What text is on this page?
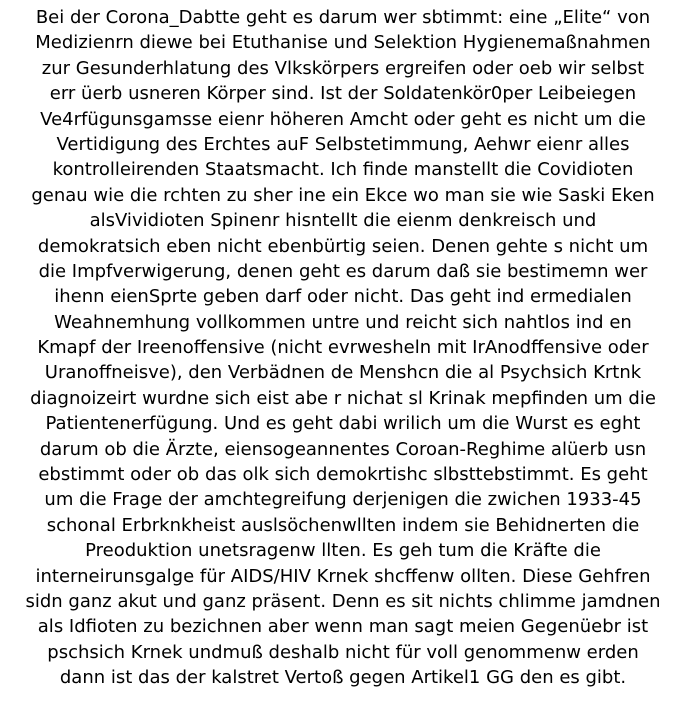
Bei der Corona_Dabtte geht es darum wer sbtimmt: eine „Elite“ von
Medizienrn diewe bei Etuthanise und Selektion Hygienemaßnahmen
zur Gesunderhlatung des Vlkskörpers ergreifen oder oeb wir selbst
err üerb usneren Körper sind. Ist der Soldatenkör0per Leibeiegen
Ve4rfügunsgamsse eienr höheren Amcht oder geht es nicht um die
Vertidigung des Erchtes auF Selbstetimmung, Aehwr eienr alles
kontrolleirenden Staatsmacht. Ich finde manstellt die Covidioten
genau wie die rchten zu sher ine ein Ekce wo man sie wie Saski Eken
alsVividioten Spinenr hisntellt die eienm denkreisch und
demokratsich eben nicht ebenbürtig seien. Denen gehte s nicht um
die Impfverwigerung, denen geht es darum daß sie bestimemn wer
ihenn eienSprte geben darf oder nicht. Das geht ind ermedialen
Weahnemhung vollkommen untre und reicht sich nahtlos ind en
Kmapf der Ireenoffensive (nicht evrwesheln mit IrAnodffensive oder
Uranoffneisve), den Verbädnen de Menshcn die al Psychsich Krtnk
diagnoizeirt wurdne sich eist abe r nichat sl Krinak mepfinden um die
Patientenerfügung. Und es geht dabi wrilich um die Wurst es eght
darum ob die Ärzte, eiensogeannentes Coroan-Reghime alüerb usn
ebstimmt oder ob das olk sich demokrtishc slbsttebstimmt. Es geht
um die Frage der amchtegreifung derjenigen die zwichen 1933-45
schonal Erbrknkheist auslsöchenwllten indem sie Behidnerten die
Preoduktion unetsragenw llten. Es geh tum die Kräfte die
interneirunsgalge für AIDS/HIV Krnek shcffenw ollten. Diese Gehfren
sidn ganz akut und ganz präsent. Denn es sit nichts chlimme jamdnen
als Idfioten zu bezichnen aber wenn man sagt meien Gegenüebr ist
pschsich Krnek undmuß deshalb nicht für voll genommenw erden
dann ist das der kalstret Vertoß gegen Artikel1 GG den es gibt.
